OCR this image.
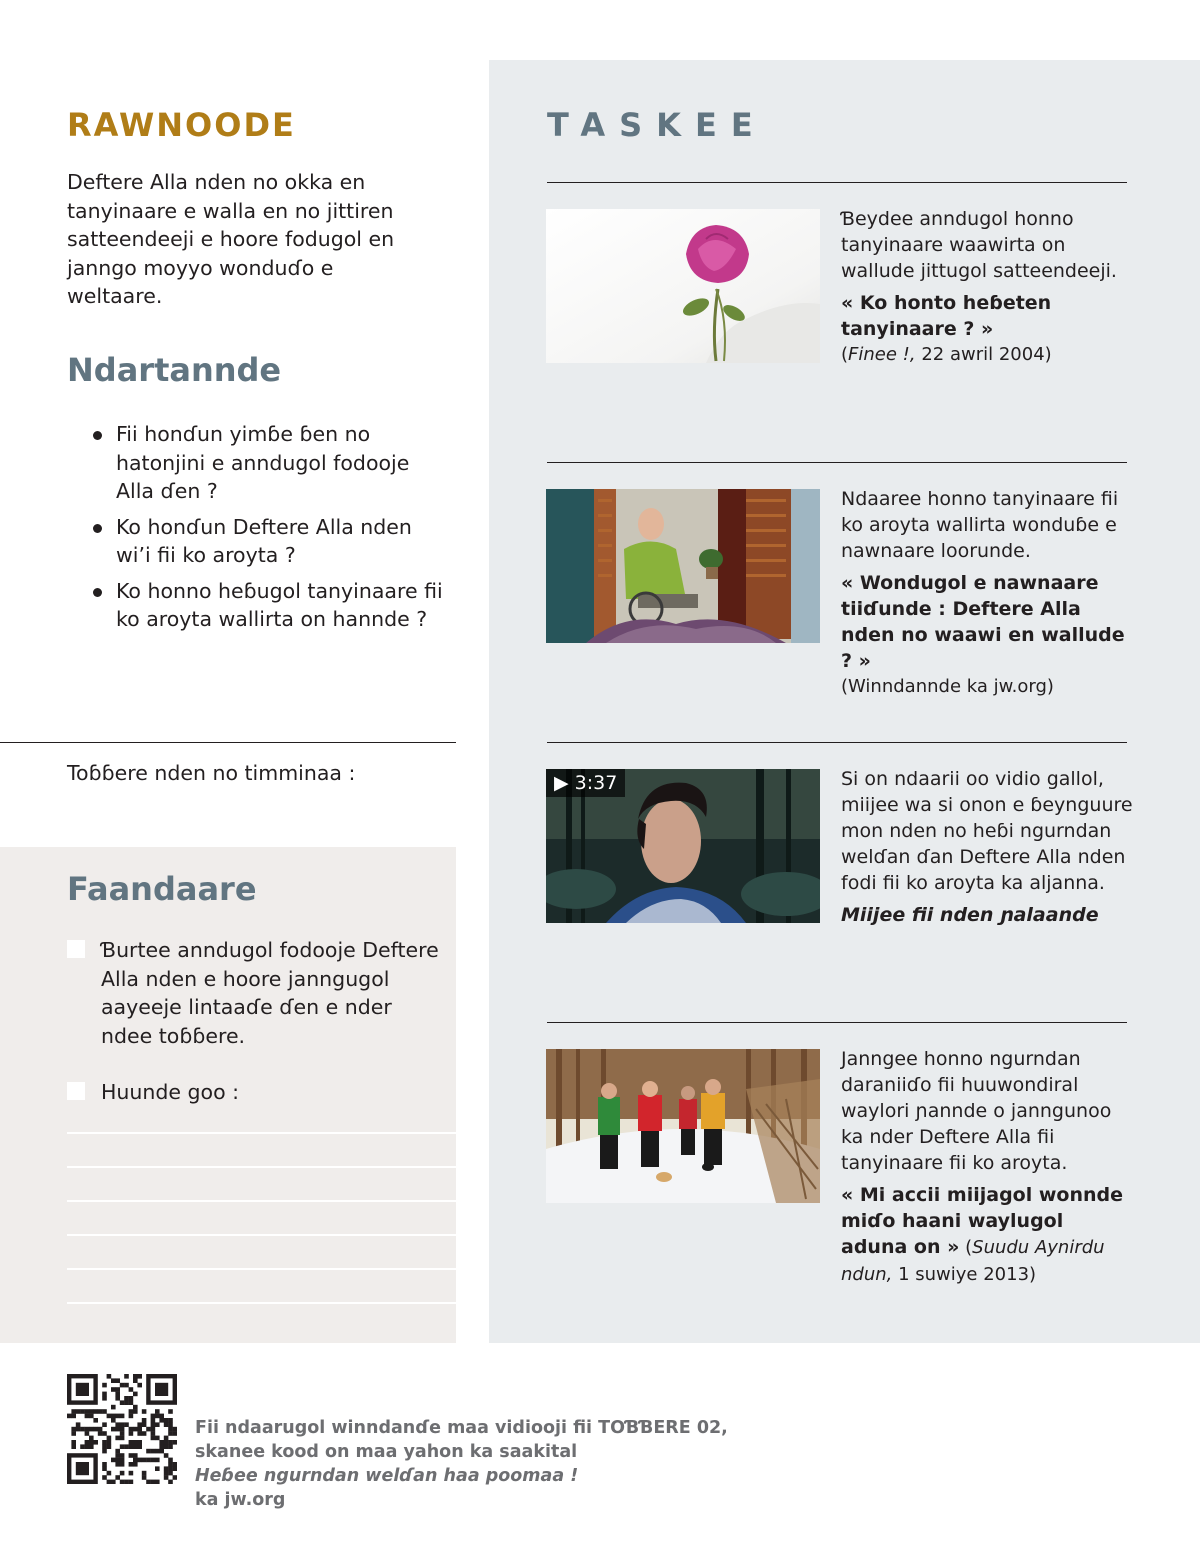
RAWNOODE

Deftere Alla nden no okka en tanyinaare e walla en no jittiren satteendeeji e hoore fodugol en janngo moyyo wonduɗo e weltaare.

Ndartannde
Fii honɗun yimɓe ɓen no hatonjini e anndugol fodooje Alla ɗen ?
Ko honɗun Deftere Alla nden wi’i fii ko aroyta ?
Ko honno heɓugol tanyinaare fii ko aroyta wallirta on hannde ?

Toɓɓere nden no timminaa :

Faandaare

Ɓurtee anndugol fodooje Deftere Alla nden e hoore janngugol aayeeje lintaaɗe ɗen e nder ndee toɓɓere.

Huunde goo :

TASKEE

Ɓeydee anndugol honno tanyinaare waawirta on wallude jittugol satteendeeji.

« Ko honto heɓeten tanyinaare ? »

(Finee !, 22 awril 2004)

Ndaaree honno tanyinaare fii ko aroyta wallirta wonduɓe e nawnaare loorunde.

« Wondugol e nawnaare tiiɗunde : Deftere Alla nden no waawi en wallude ? »

(Winndannde ka jw.org)

▶ 3:37	Si on ndaarii oo vidio gallol, miijee wa si onon e ɓeynguure mon nden no heɓi ngurndan welɗan ɗan Deftere Alla nden fodi fii ko aroyta ka aljanna.

Miijee fii nden ɲalaande

Janngee honno ngurndan daraniiɗo fii huuwondiral waylori ɲannde o janngunoo ka nder Deftere Alla fii tanyinaare fii ko aroyta.

« Mi accii miijagol wonnde miɗo haani waylugol aduna on » (Suudu Aynirdu ndun, 1 suwiye 2013)

Fii ndaarugol winndanɗe maa vidiooji fii TOƁƁERE 02,
skanee kood on maa yahon ka saakital
Heɓee ngurndan welɗan haa poomaa !
ka jw.org
